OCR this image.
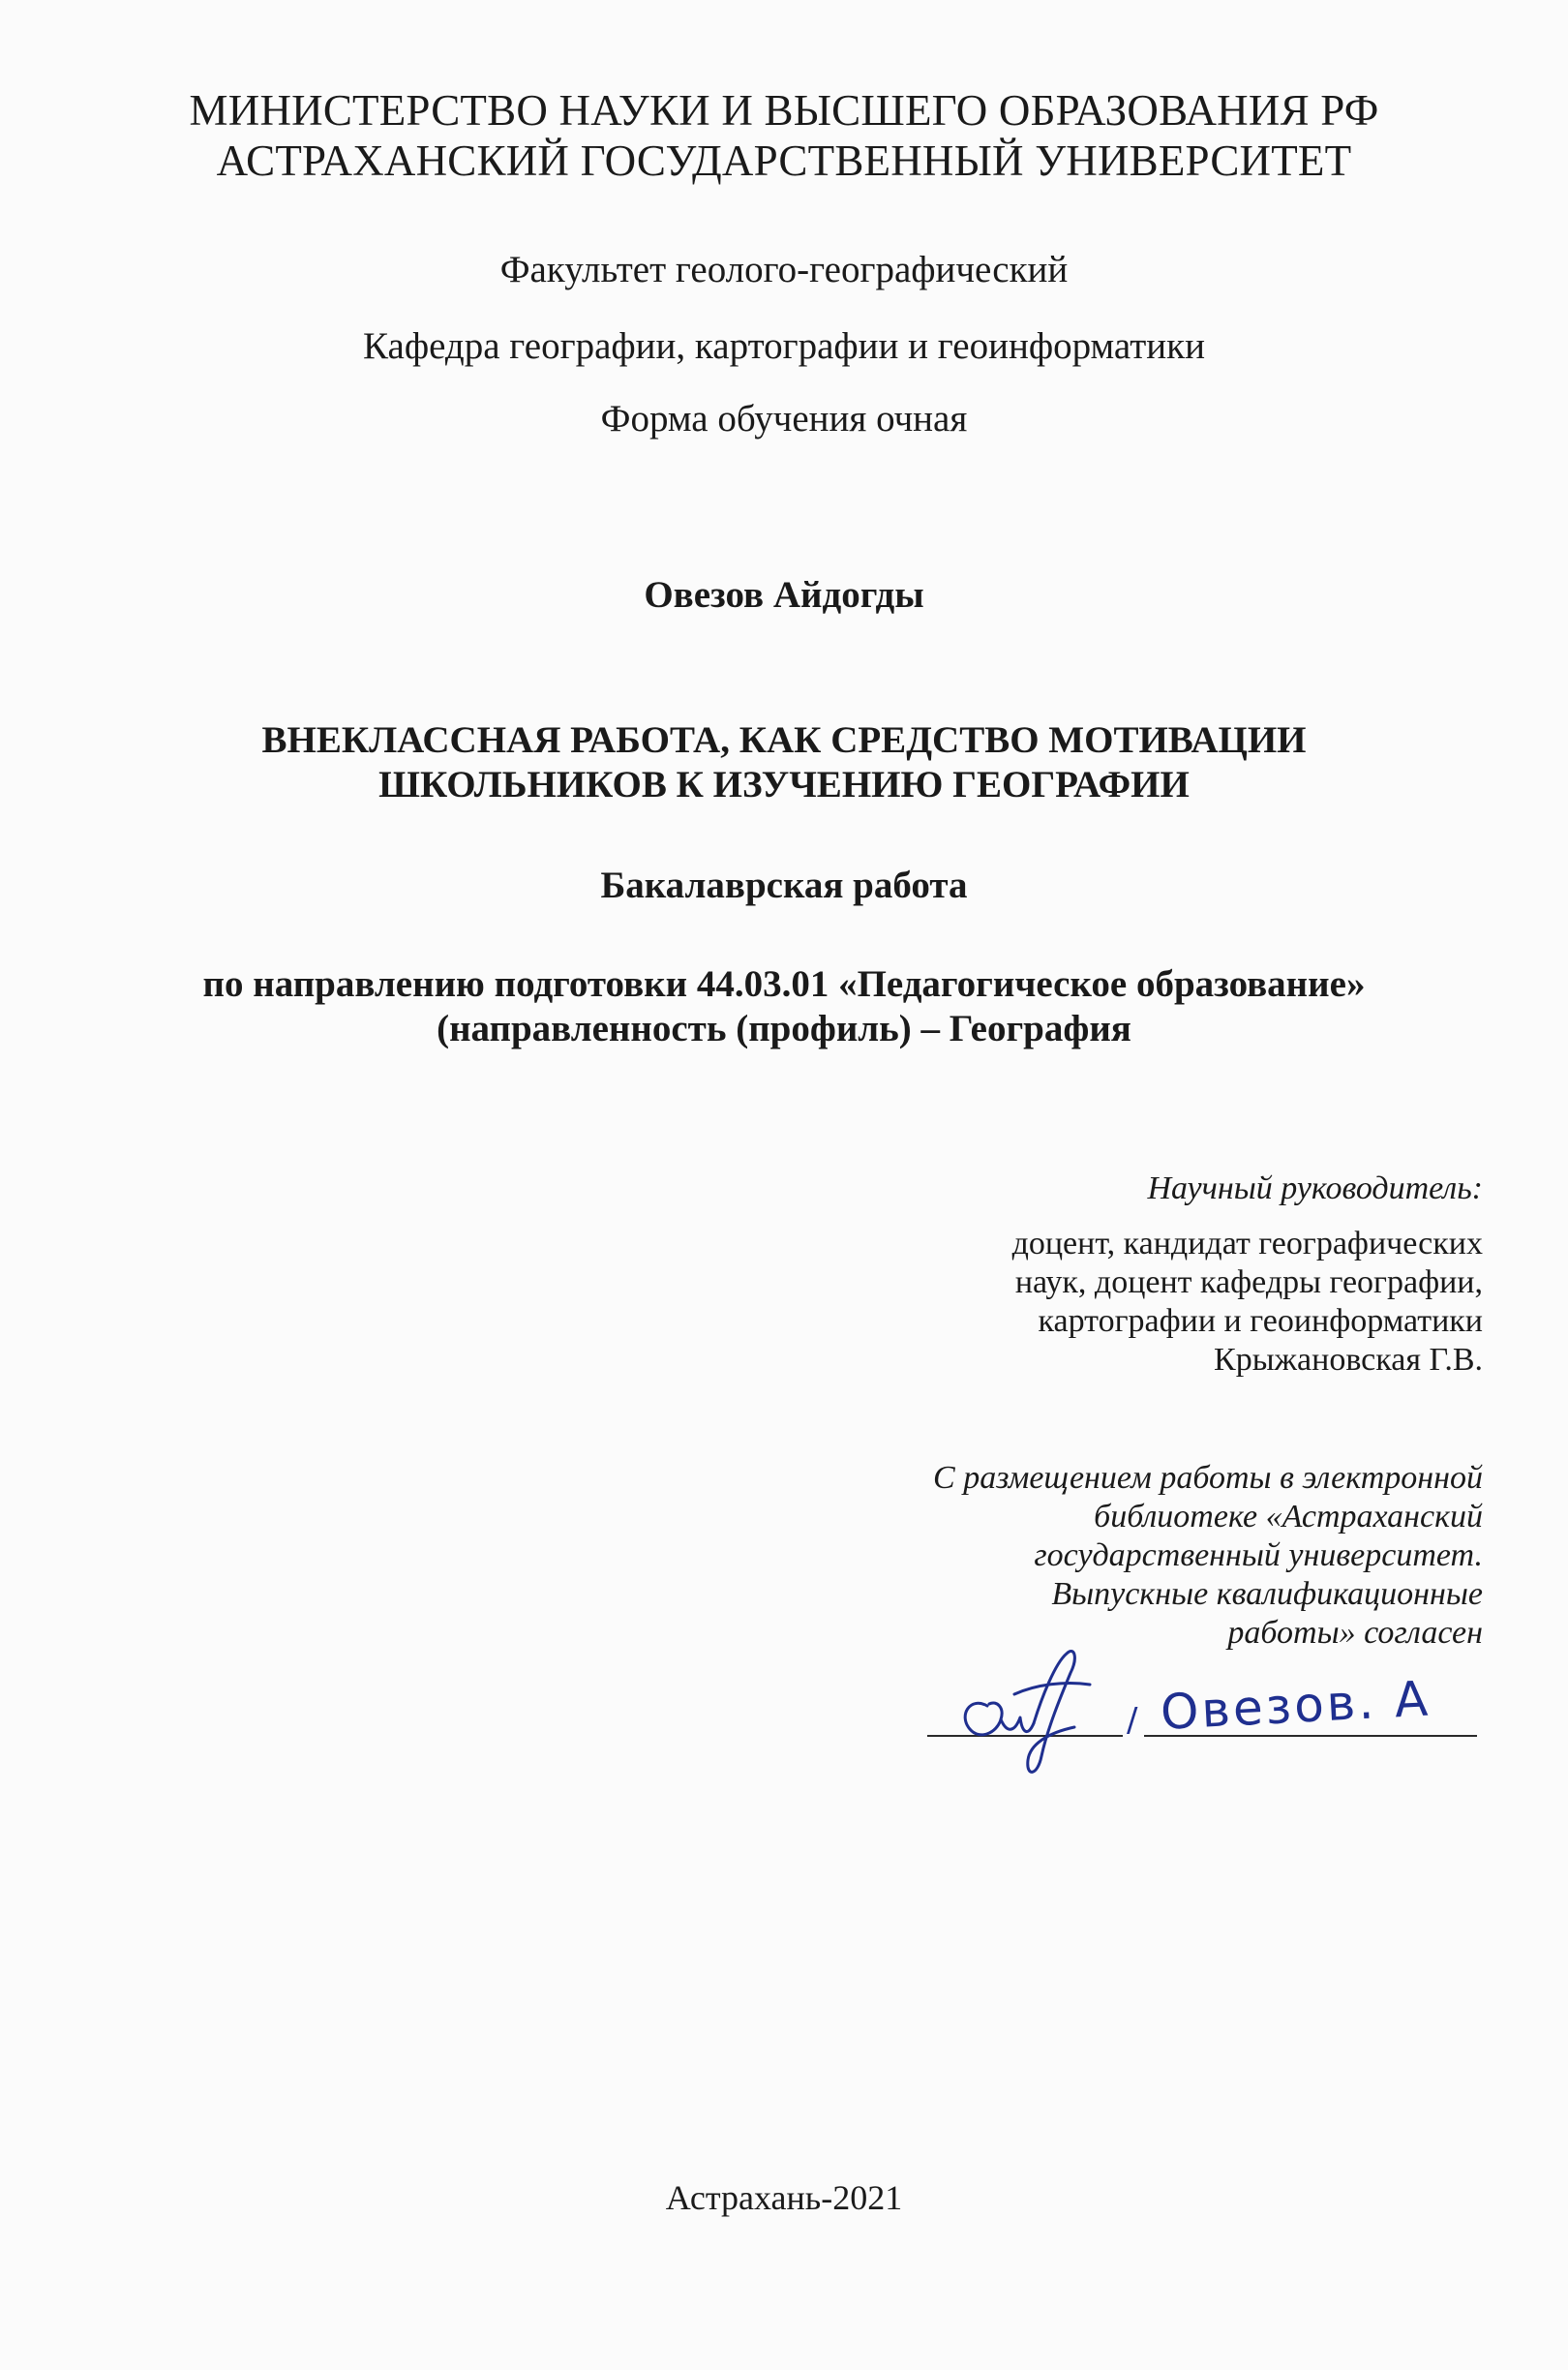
МИНИСТЕРСТВО НАУКИ И ВЫСШЕГО ОБРАЗОВАНИЯ РФ
АСТРАХАНСКИЙ ГОСУДАРСТВЕННЫЙ УНИВЕРСИТЕТ
Факультет геолого-географический
Кафедра географии, картографии и геоинформатики
Форма обучения очная
Овезов Айдогды
ВНЕКЛАССНАЯ РАБОТА, КАК СРЕДСТВО МОТИВАЦИИ
ШКОЛЬНИКОВ К ИЗУЧЕНИЮ ГЕОГРАФИИ
Бакалаврская работа
по направлению подготовки 44.03.01 «Педагогическое образование»
(направленность (профиль) – География
Научный руководитель:
доцент, кандидат географических
наук, доцент кафедры географии,
картографии и геоинформатики
Крыжановская Г.В.
С размещением работы в электронной
библиотеке «Астраханский
государственный университет.
Выпускные квалификационные
работы» согласен
/ Овезов. А
Астрахань-2021
